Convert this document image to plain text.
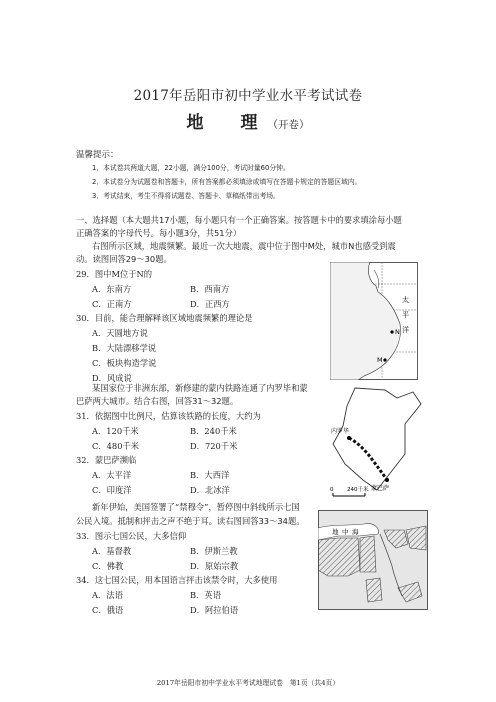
2017年岳阳市初中学业水平考试试卷
地　理（开卷）
温馨提示：
1．本试卷共两道大题，22小题，满分100分，考试时量60分钟。
2．本试卷分为试题卷和答题卡，所有答案都必须填涂或填写在答题卡规定的答题区域内。
3．考试结束，考生不得将试题卷、答题卡、草稿纸带出考场。
一、选择题（本大题共17小题，每小题只有一个正确答案。按答题卡中的要求填涂每小题
正确答案的字母代号。每小题3分，共51分）
右图所示区域，地震频繁。最近一次大地震，震中位于图中M处，城市N也感受到震
动。读图回答29～30题。
29．图中M位于N的
A．东南方	B．西南方
C．正南方	D．正西方
30．目前，能合理解释该区域地震频繁的理论是
A．天圆地方说
B．大陆漂移学说
C．板块构造学说
D．风成说
某国家位于非洲东部，新修建的蒙内铁路连通了内罗毕和蒙
巴萨两大城市。结合右图，回答31～32题。
31．依据图中比例尺，估算该铁路的长度，大约为
A．120千米	B．240千米
C．480千米	D．720千米
32．蒙巴萨濒临
A．太平洋	B．大西洋
C．印度洋	D．北冰洋
新年伊始，美国签署了“禁穆令”，暂停图中斜线所示七国
公民入境。抵制和抨击之声不绝于耳。读右图回答33～34题。
33．图示七国公民，大多信仰
A．基督教	B．伊斯兰教
C．佛教	D．原始宗教
34．这七国公民，用本国语言抨击该禁令时，大多使用
A．法语	B．英语
C．俄语	D．阿拉伯语
N
M
太
平
洋
内罗毕
蒙巴萨
0 240千米
地 中 海
2017年岳阳市初中学业水平考试地理试卷　第1页（共4页）
